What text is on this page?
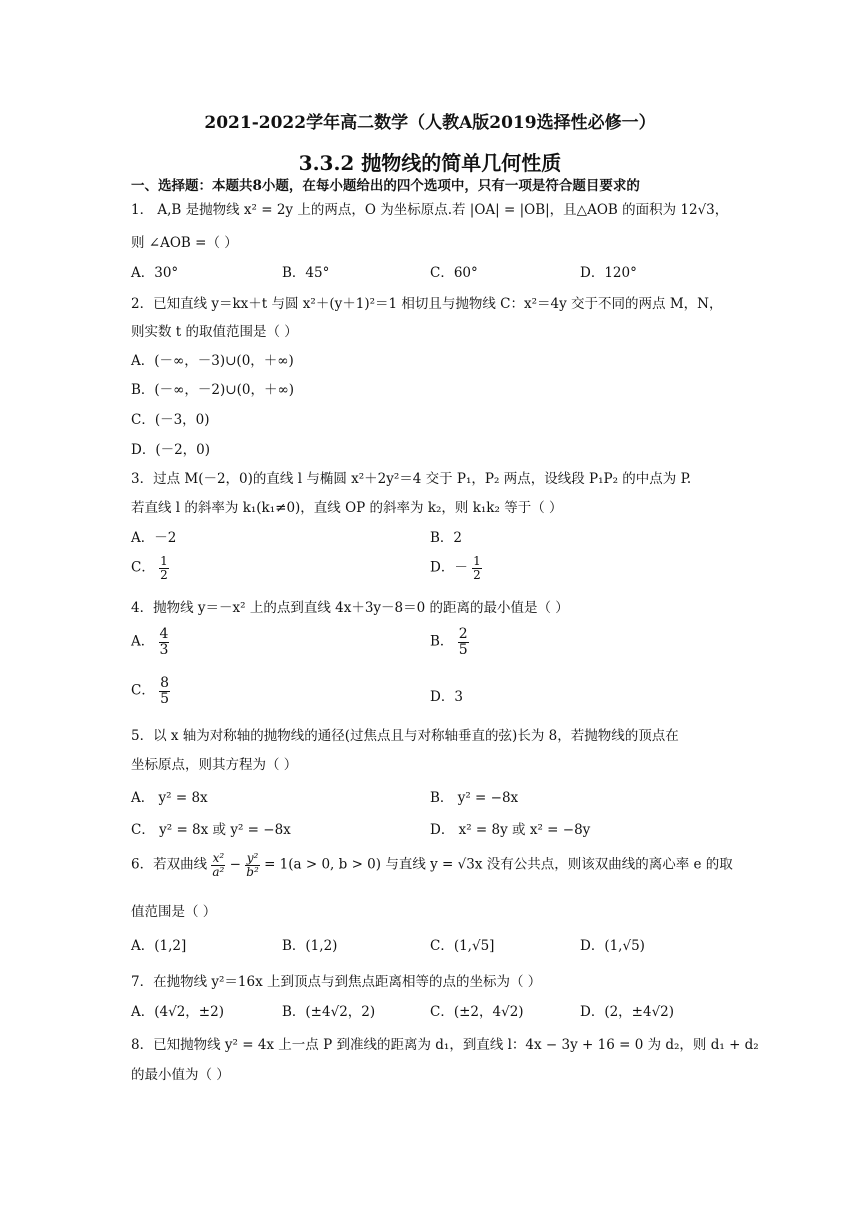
2021-2022学年高二数学（人教A版2019选择性必修一）
3.3.2 抛物线的简单几何性质
一、选择题：本题共8小题，在每小题给出的四个选项中，只有一项是符合题目要求的
1． A,B 是抛物线 x² = 2y 上的两点，O 为坐标原点.若 |OA| = |OB|，且△AOB 的面积为 12√3，
则 ∠AOB =（ ）
A．30°	B．45°	C．60°	D．120°
2．已知直线 y＝kx＋t 与圆 x²＋(y＋1)²＝1 相切且与抛物线 C：x²＝4y 交于不同的两点 M，N，
则实数 t 的取值范围是（ ）
A．(－∞，－3)∪(0，＋∞)
B．(－∞，－2)∪(0，＋∞)
C．(－3，0)
D．(－2，0)
3．过点 M(－2，0)的直线 l 与椭圆 x²＋2y²＝4 交于 P₁，P₂ 两点，设线段 P₁P₂ 的中点为 P.
若直线 l 的斜率为 k₁(k₁≠0)，直线 OP 的斜率为 k₂，则 k₁k₂ 等于（ ）
A．－2	B．2
C． $\frac{1}{2}$	D．－ $\frac{1}{2}$
4．抛物线 y＝－x² 上的点到直线 4x＋3y－8＝0 的距离的最小值是（ ）
A． $\frac{4}{3}$	B． $\frac{2}{5}$
C． $\frac{8}{5}$	D．3
5．以 x 轴为对称轴的抛物线的通径(过焦点且与对称轴垂直的弦)长为 8，若抛物线的顶点在
坐标原点，则其方程为（ ）
A． y² = 8x	B． y² = −8x
C． y² = 8x 或 y² = −8x	D． x² = 8y 或 x² = −8y
6．若双曲线 $\frac{\text{x²}}{\text{a²}} - \frac{\text{y²}}{\text{b²}} = 1(a > 0$, b > 0) 与直线 y = √3x 没有公共点，则该双曲线的离心率 e 的取
值范围是（ ）
A．(1,2]	B．(1,2)	C．(1,√5]	D．(1,√5)
7．在抛物线 y²＝16x 上到顶点与到焦点距离相等的点的坐标为（ ）
A．(4√2，±2)	B．(±4√2，2)	C．(±2，4√2)	D．(2，±4√2)
8．已知抛物线 y² = 4x 上一点 P 到准线的距离为 d₁，到直线 l：4x − 3y + 16 = 0 为 d₂，则 d₁ + d₂
的最小值为（ ）
